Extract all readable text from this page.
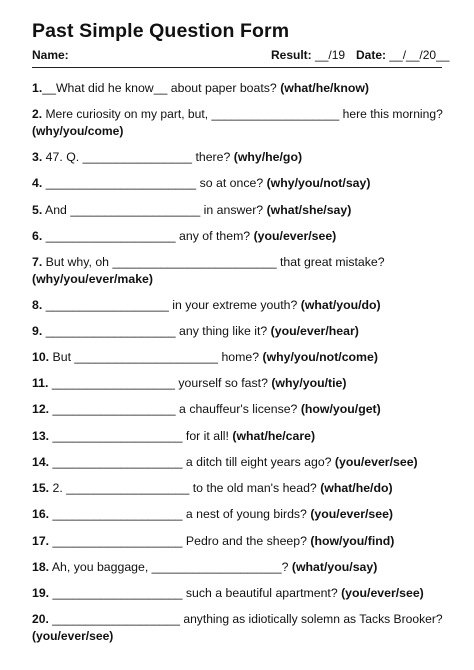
Past Simple Question Form
Name:	Result: __/19 Date: __/__/20__
1.__What did he know__ about paper boats? (what/he/know)
2. Mere curiosity on my part, but, ___________________ here this morning?
(why/you/come)
3. 47. Q. ________________ there? (why/he/go)
4. ______________________ so at once? (why/you/not/say)
5. And ___________________ in answer? (what/she/say)
6. ___________________ any of them? (you/ever/see)
7. But why, oh ________________________ that great mistake?
(why/you/ever/make)
8. __________________ in your extreme youth? (what/you/do)
9. ___________________ any thing like it? (you/ever/hear)
10. But _____________________ home? (why/you/not/come)
11. __________________ yourself so fast? (why/you/tie)
12. __________________ a chauffeur's license? (how/you/get)
13. ___________________ for it all! (what/he/care)
14. ___________________ a ditch till eight years ago? (you/ever/see)
15. 2. __________________ to the old man's head? (what/he/do)
16. ___________________ a nest of young birds? (you/ever/see)
17. ___________________ Pedro and the sheep? (how/you/find)
18. Ah, you baggage, ___________________? (what/you/say)
19. ___________________ such a beautiful apartment? (you/ever/see)
20. ___________________ anything as idiotically solemn as Tacks Brooker?
(you/ever/see)
